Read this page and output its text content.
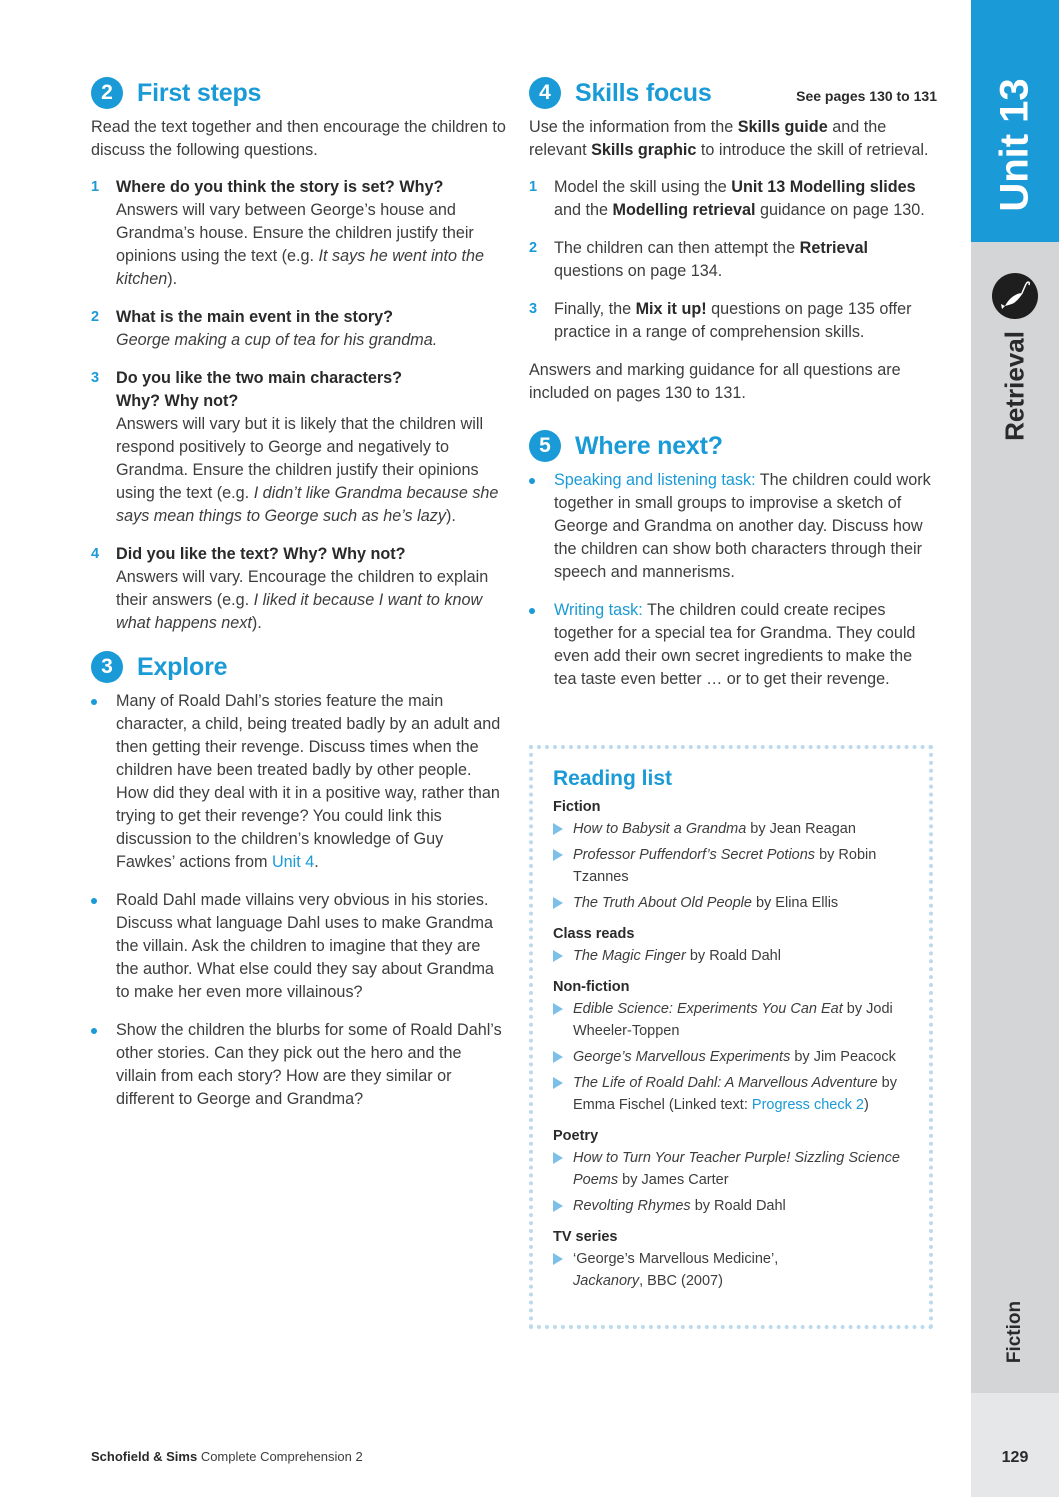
2 First steps

Read the text together and then encourage the children to discuss the following questions.

1 Where do you think the story is set? Why?
Answers will vary between George’s house and Grandma’s house. Ensure the children justify their opinions using the text (e.g. It says he went into the kitchen).
2 What is the main event in the story?
George making a cup of tea for his grandma.
3 Do you like the two main characters? Why? Why not?
Answers will vary but it is likely that the children will respond positively to George and negatively to Grandma. Ensure the children justify their opinions using the text (e.g. I didn’t like Grandma because she says mean things to George such as he’s lazy).
4 Did you like the text? Why? Why not?
Answers will vary. Encourage the children to explain their answers (e.g. I liked it because I want to know what happens next).
3 Explore
Many of Roald Dahl’s stories feature the main character, a child, being treated badly by an adult and then getting their revenge. Discuss times when the children have been treated badly by other people. How did they deal with it in a positive way, rather than trying to get their revenge? You could link this discussion to the children’s knowledge of Guy Fawkes’ actions from Unit 4.
Roald Dahl made villains very obvious in his stories. Discuss what language Dahl uses to make Grandma the villain. Ask the children to imagine that they are the author. What else could they say about Grandma to make her even more villainous?
Show the children the blurbs for some of Roald Dahl’s other stories. Can they pick out the hero and the villain from each story? How are they similar or different to George and Grandma?
4 Skills focus	See pages 130 to 131

Use the information from the Skills guide and the relevant Skills graphic to introduce the skill of retrieval.

1 Model the skill using the Unit 13 Modelling slides and the Modelling retrieval guidance on page 130.
2 The children can then attempt the Retrieval questions on page 134.
3 Finally, the Mix it up! questions on page 135 offer practice in a range of comprehension skills.

Answers and marking guidance for all questions are included on pages 130 to 131.

5 Where next?
Speaking and listening task: The children could work together in small groups to improvise a sketch of George and Grandma on another day. Discuss how the children can show both characters through their speech and mannerisms.
Writing task: The children could create recipes together for a special tea for Grandma. They could even add their own secret ingredients to make the tea taste even better … or to get their revenge.
Reading list
Fiction
How to Babysit a Grandma by Jean Reagan
Professor Puffendorf’s Secret Potions by Robin Tzannes
The Truth About Old People by Elina Ellis
Class reads
The Magic Finger by Roald Dahl
Non-fiction
Edible Science: Experiments You Can Eat by Jodi Wheeler-Toppen
George’s Marvellous Experiments by Jim Peacock
The Life of Roald Dahl: A Marvellous Adventure by Emma Fischel (Linked text: Progress check 2)
Poetry
How to Turn Your Teacher Purple! Sizzling Science Poems by James Carter
Revolting Rhymes by Roald Dahl
TV series
‘George’s Marvellous Medicine’, Jackanory, BBC (2007)
Unit 13
Retrieval
Fiction
129
Schofield & Sims Complete Comprehension 2
